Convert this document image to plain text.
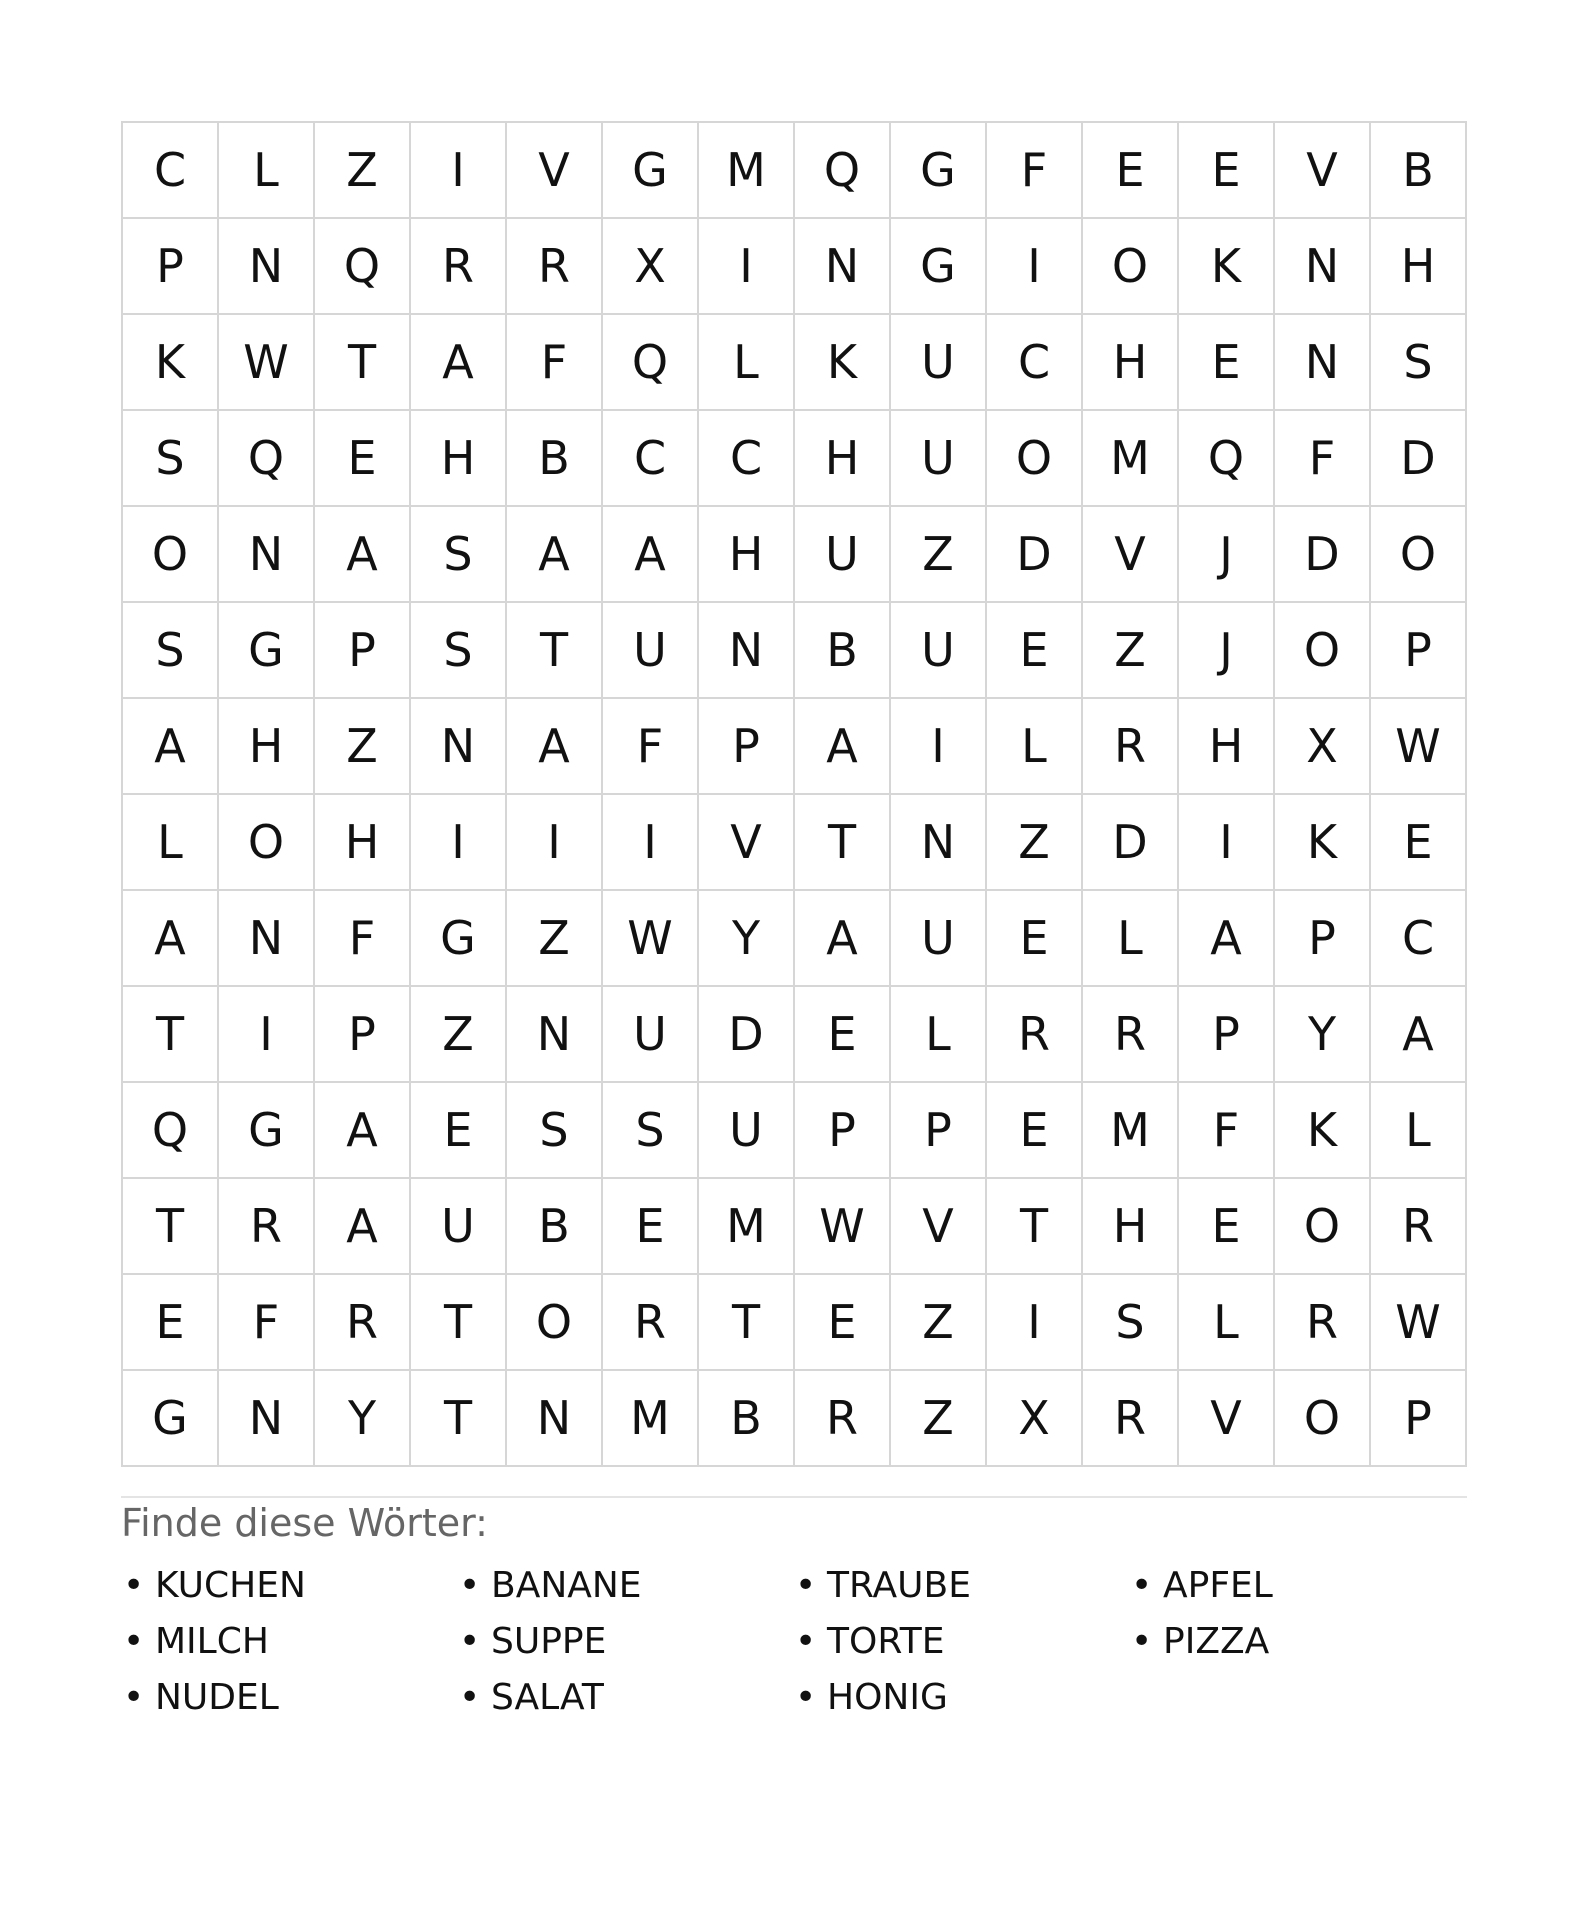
C	L	Z	I	V	G	M	Q	G	F	E	E	V	B
P	N	Q	R	R	X	I	N	G	I	O	K	N	H
K	W	T	A	F	Q	L	K	U	C	H	E	N	S
S	Q	E	H	B	C	C	H	U	O	M	Q	F	D
O	N	A	S	A	A	H	U	Z	D	V	J	D	O
S	G	P	S	T	U	N	B	U	E	Z	J	O	P
A	H	Z	N	A	F	P	A	I	L	R	H	X	W
L	O	H	I	I	I	V	T	N	Z	D	I	K	E
A	N	F	G	Z	W	Y	A	U	E	L	A	P	C
T	I	P	Z	N	U	D	E	L	R	R	P	Y	A
Q	G	A	E	S	S	U	P	P	E	M	F	K	L
T	R	A	U	B	E	M	W	V	T	H	E	O	R
E	F	R	T	O	R	T	E	Z	I	S	L	R	W
G	N	Y	T	N	M	B	R	Z	X	R	V	O	P
Finde diese Wörter:
• KUCHEN	• BANANE	• TRAUBE	• APFEL
• MILCH	• SUPPE	• TORTE	• PIZZA
• NUDEL	• SALAT	• HONIG
